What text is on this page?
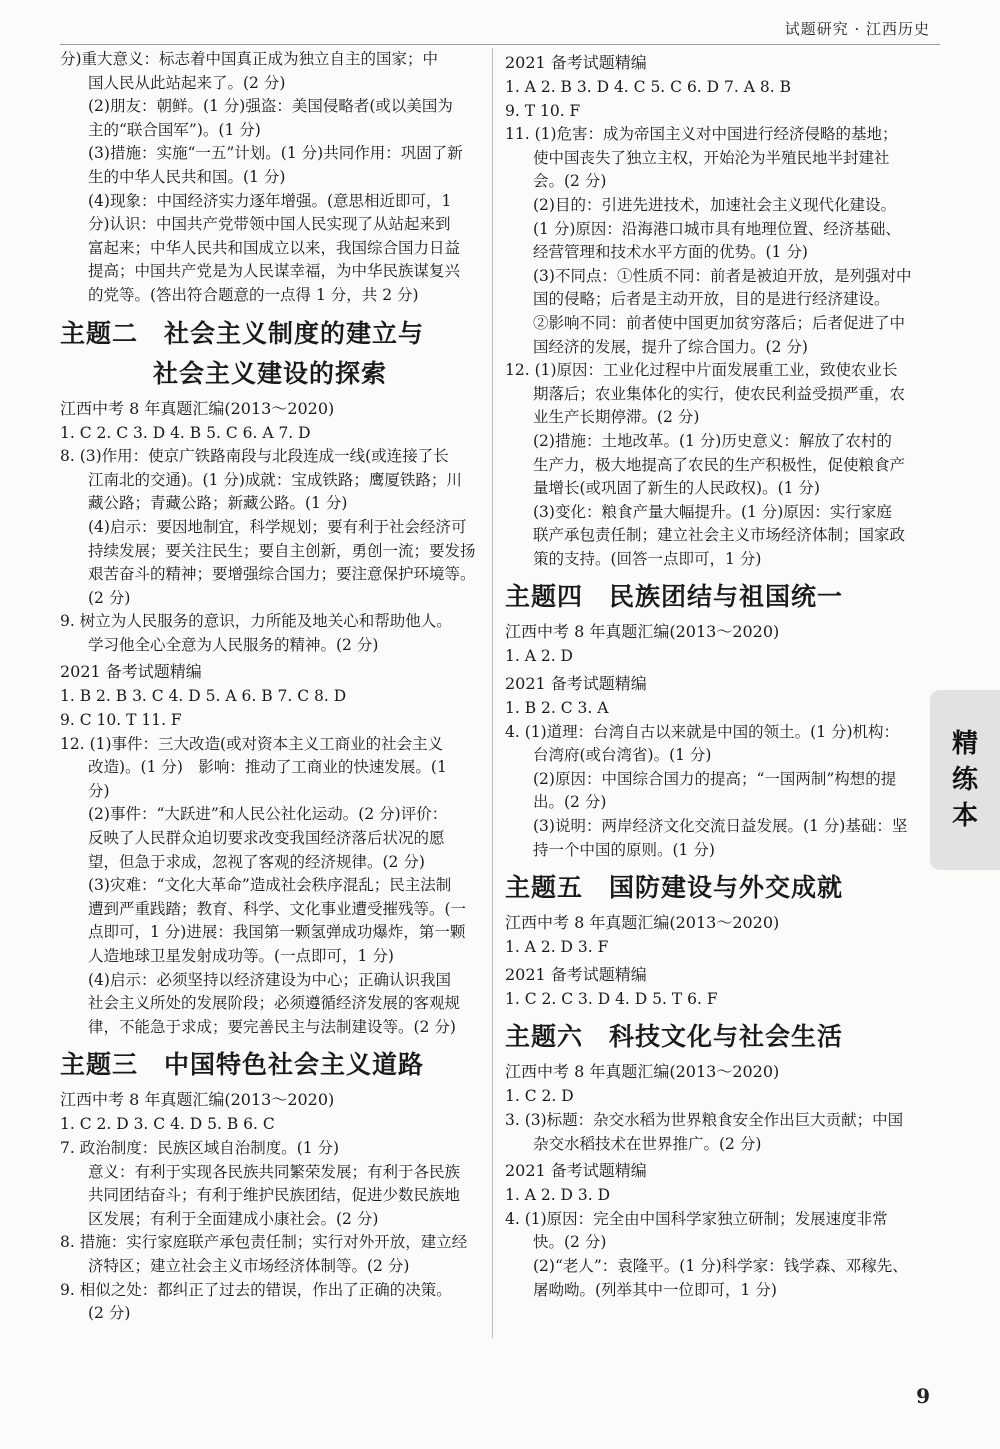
试题研究 · 江西历史
分)重大意义：标志着中国真正成为独立自主的国家；中
国人民从此站起来了。(2 分)
(2)朋友：朝鲜。(1 分)强盗：美国侵略者(或以美国为
主的“联合国军”)。(1 分)
(3)措施：实施“一五”计划。(1 分)共同作用：巩固了新
生的中华人民共和国。(1 分)
(4)现象：中国经济实力逐年增强。(意思相近即可，1
分)认识：中国共产党带领中国人民实现了从站起来到
富起来；中华人民共和国成立以来，我国综合国力日益
提高；中国共产党是为人民谋幸福，为中华民族谋复兴
的党等。(答出符合题意的一点得 1 分，共 2 分)
主题二　社会主义制度的建立与
社会主义建设的探索
江西中考 8 年真题汇编(2013～2020)
1. C 2. C 3. D 4. B 5. C 6. A 7. D
8. (3)作用：使京广铁路南段与北段连成一线(或连接了长
江南北的交通)。(1 分)成就：宝成铁路；鹰厦铁路；川
藏公路；青藏公路；新藏公路。(1 分)
(4)启示：要因地制宜，科学规划；要有利于社会经济可
持续发展；要关注民生；要自主创新，勇创一流；要发扬
艰苦奋斗的精神；要增强综合国力；要注意保护环境等。
(2 分)
9. 树立为人民服务的意识，力所能及地关心和帮助他人。
学习他全心全意为人民服务的精神。(2 分)
2021 备考试题精编
1. B 2. B 3. C 4. D 5. A 6. B 7. C 8. D
9. C 10. T 11. F
12. (1)事件：三大改造(或对资本主义工商业的社会主义
改造)。(1 分)　影响：推动了工商业的快速发展。(1
分)
(2)事件：“大跃进”和人民公社化运动。(2 分)评价：
反映了人民群众迫切要求改变我国经济落后状况的愿
望，但急于求成，忽视了客观的经济规律。(2 分)
(3)灾难：“文化大革命”造成社会秩序混乱；民主法制
遭到严重践踏；教育、科学、文化事业遭受摧残等。(一
点即可，1 分)进展：我国第一颗氢弹成功爆炸，第一颗
人造地球卫星发射成功等。(一点即可，1 分)
(4)启示：必须坚持以经济建设为中心；正确认识我国
社会主义所处的发展阶段；必须遵循经济发展的客观规
律，不能急于求成；要完善民主与法制建设等。(2 分)
主题三　中国特色社会主义道路
江西中考 8 年真题汇编(2013～2020)
1. C 2. D 3. C 4. D 5. B 6. C
7. 政治制度：民族区域自治制度。(1 分)
意义：有利于实现各民族共同繁荣发展；有利于各民族
共同团结奋斗；有利于维护民族团结，促进少数民族地
区发展；有利于全面建成小康社会。(2 分)
8. 措施：实行家庭联产承包责任制；实行对外开放，建立经
济特区；建立社会主义市场经济体制等。(2 分)
9. 相似之处：都纠正了过去的错误，作出了正确的决策。
(2 分)
2021 备考试题精编
1. A 2. B 3. D 4. C 5. C 6. D 7. A 8. B
9. T 10. F
11. (1)危害：成为帝国主义对中国进行经济侵略的基地；
使中国丧失了独立主权，开始沦为半殖民地半封建社
会。(2 分)
(2)目的：引进先进技术，加速社会主义现代化建设。
(1 分)原因：沿海港口城市具有地理位置、经济基础、
经营管理和技术水平方面的优势。(1 分)
(3)不同点：①性质不同：前者是被迫开放，是列强对中
国的侵略；后者是主动开放，目的是进行经济建设。
②影响不同：前者使中国更加贫穷落后；后者促进了中
国经济的发展，提升了综合国力。(2 分)
12. (1)原因：工业化过程中片面发展重工业，致使农业长
期落后；农业集体化的实行，使农民利益受损严重，农
业生产长期停滞。(2 分)
(2)措施：土地改革。(1 分)历史意义：解放了农村的
生产力，极大地提高了农民的生产积极性，促使粮食产
量增长(或巩固了新生的人民政权)。(1 分)
(3)变化：粮食产量大幅提升。(1 分)原因：实行家庭
联产承包责任制；建立社会主义市场经济体制；国家政
策的支持。(回答一点即可，1 分)
主题四　民族团结与祖国统一
江西中考 8 年真题汇编(2013～2020)
1. A 2. D
2021 备考试题精编
1. B 2. C 3. A
4. (1)道理：台湾自古以来就是中国的领土。(1 分)机构：
台湾府(或台湾省)。(1 分)
(2)原因：中国综合国力的提高；“一国两制”构想的提
出。(2 分)
(3)说明：两岸经济文化交流日益发展。(1 分)基础：坚
持一个中国的原则。(1 分)
主题五　国防建设与外交成就
江西中考 8 年真题汇编(2013～2020)
1. A 2. D 3. F
2021 备考试题精编
1. C 2. C 3. D 4. D 5. T 6. F
主题六　科技文化与社会生活
江西中考 8 年真题汇编(2013～2020)
1. C 2. D
3. (3)标题：杂交水稻为世界粮食安全作出巨大贡献；中国
杂交水稻技术在世界推广。(2 分)
2021 备考试题精编
1. A 2. D 3. D
4. (1)原因：完全由中国科学家独立研制；发展速度非常
快。(2 分)
(2)“老人”：袁隆平。(1 分)科学家：钱学森、邓稼先、
屠呦呦。(列举其中一位即可，1 分)
精
练
本
9
